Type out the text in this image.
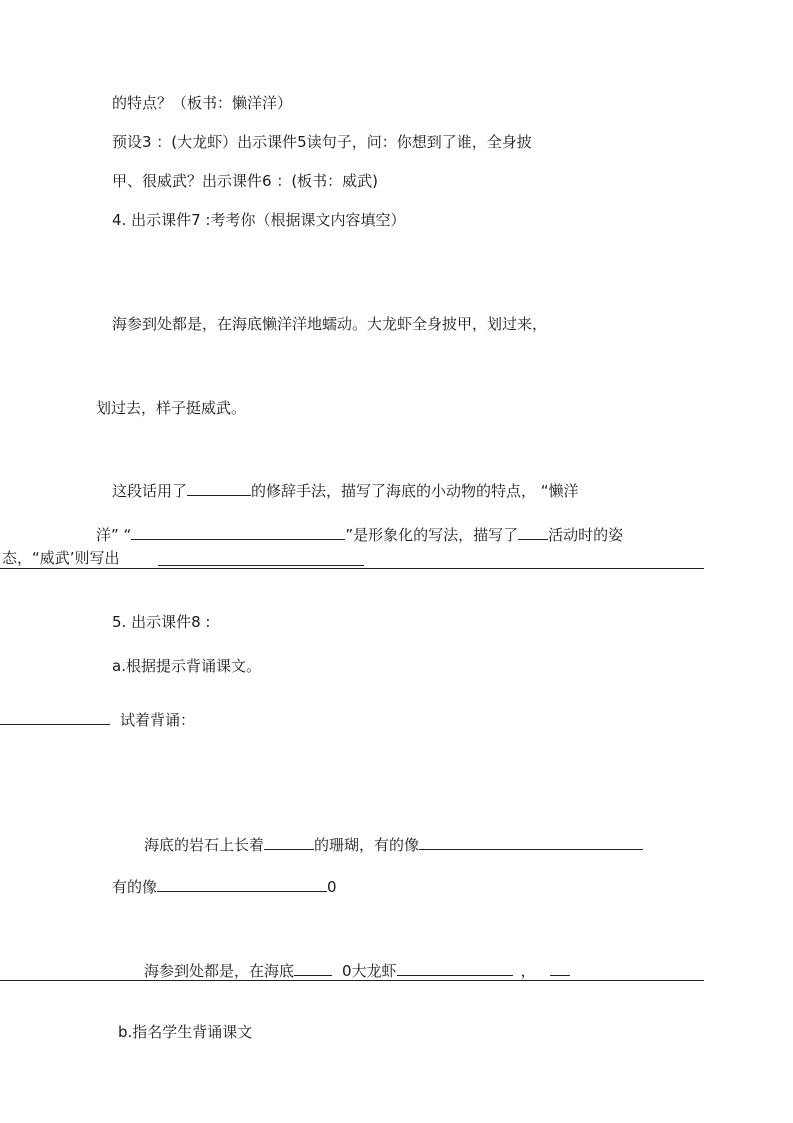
的特点？（板书：懒洋洋）
预设3 ：(大龙虾）出示课件5读句子，问：你想到了谁，全身披
甲、很威武？出示课件6 ：(板书：威武)
4. 出示课件7 :考考你（根据课文内容填空）
海参到处都是，在海底懒洋洋地蠕动。大龙虾全身披甲，划过来，
划过去，样子挺威武。
这段话用了	的修辞手法，描写了海底的小动物的特点， “懒洋
洋” “	”是形象化的写法，描写了 活动时的姿
态，“威武’则写出
5. 出示课件8 :
a.根据提示背诵课文。
试着背诵：
海底的岩石上长着	的珊瑚，有的像
有的像	0
海参到处都是，在海底	0大龙虾	，
b.指名学生背诵课文
